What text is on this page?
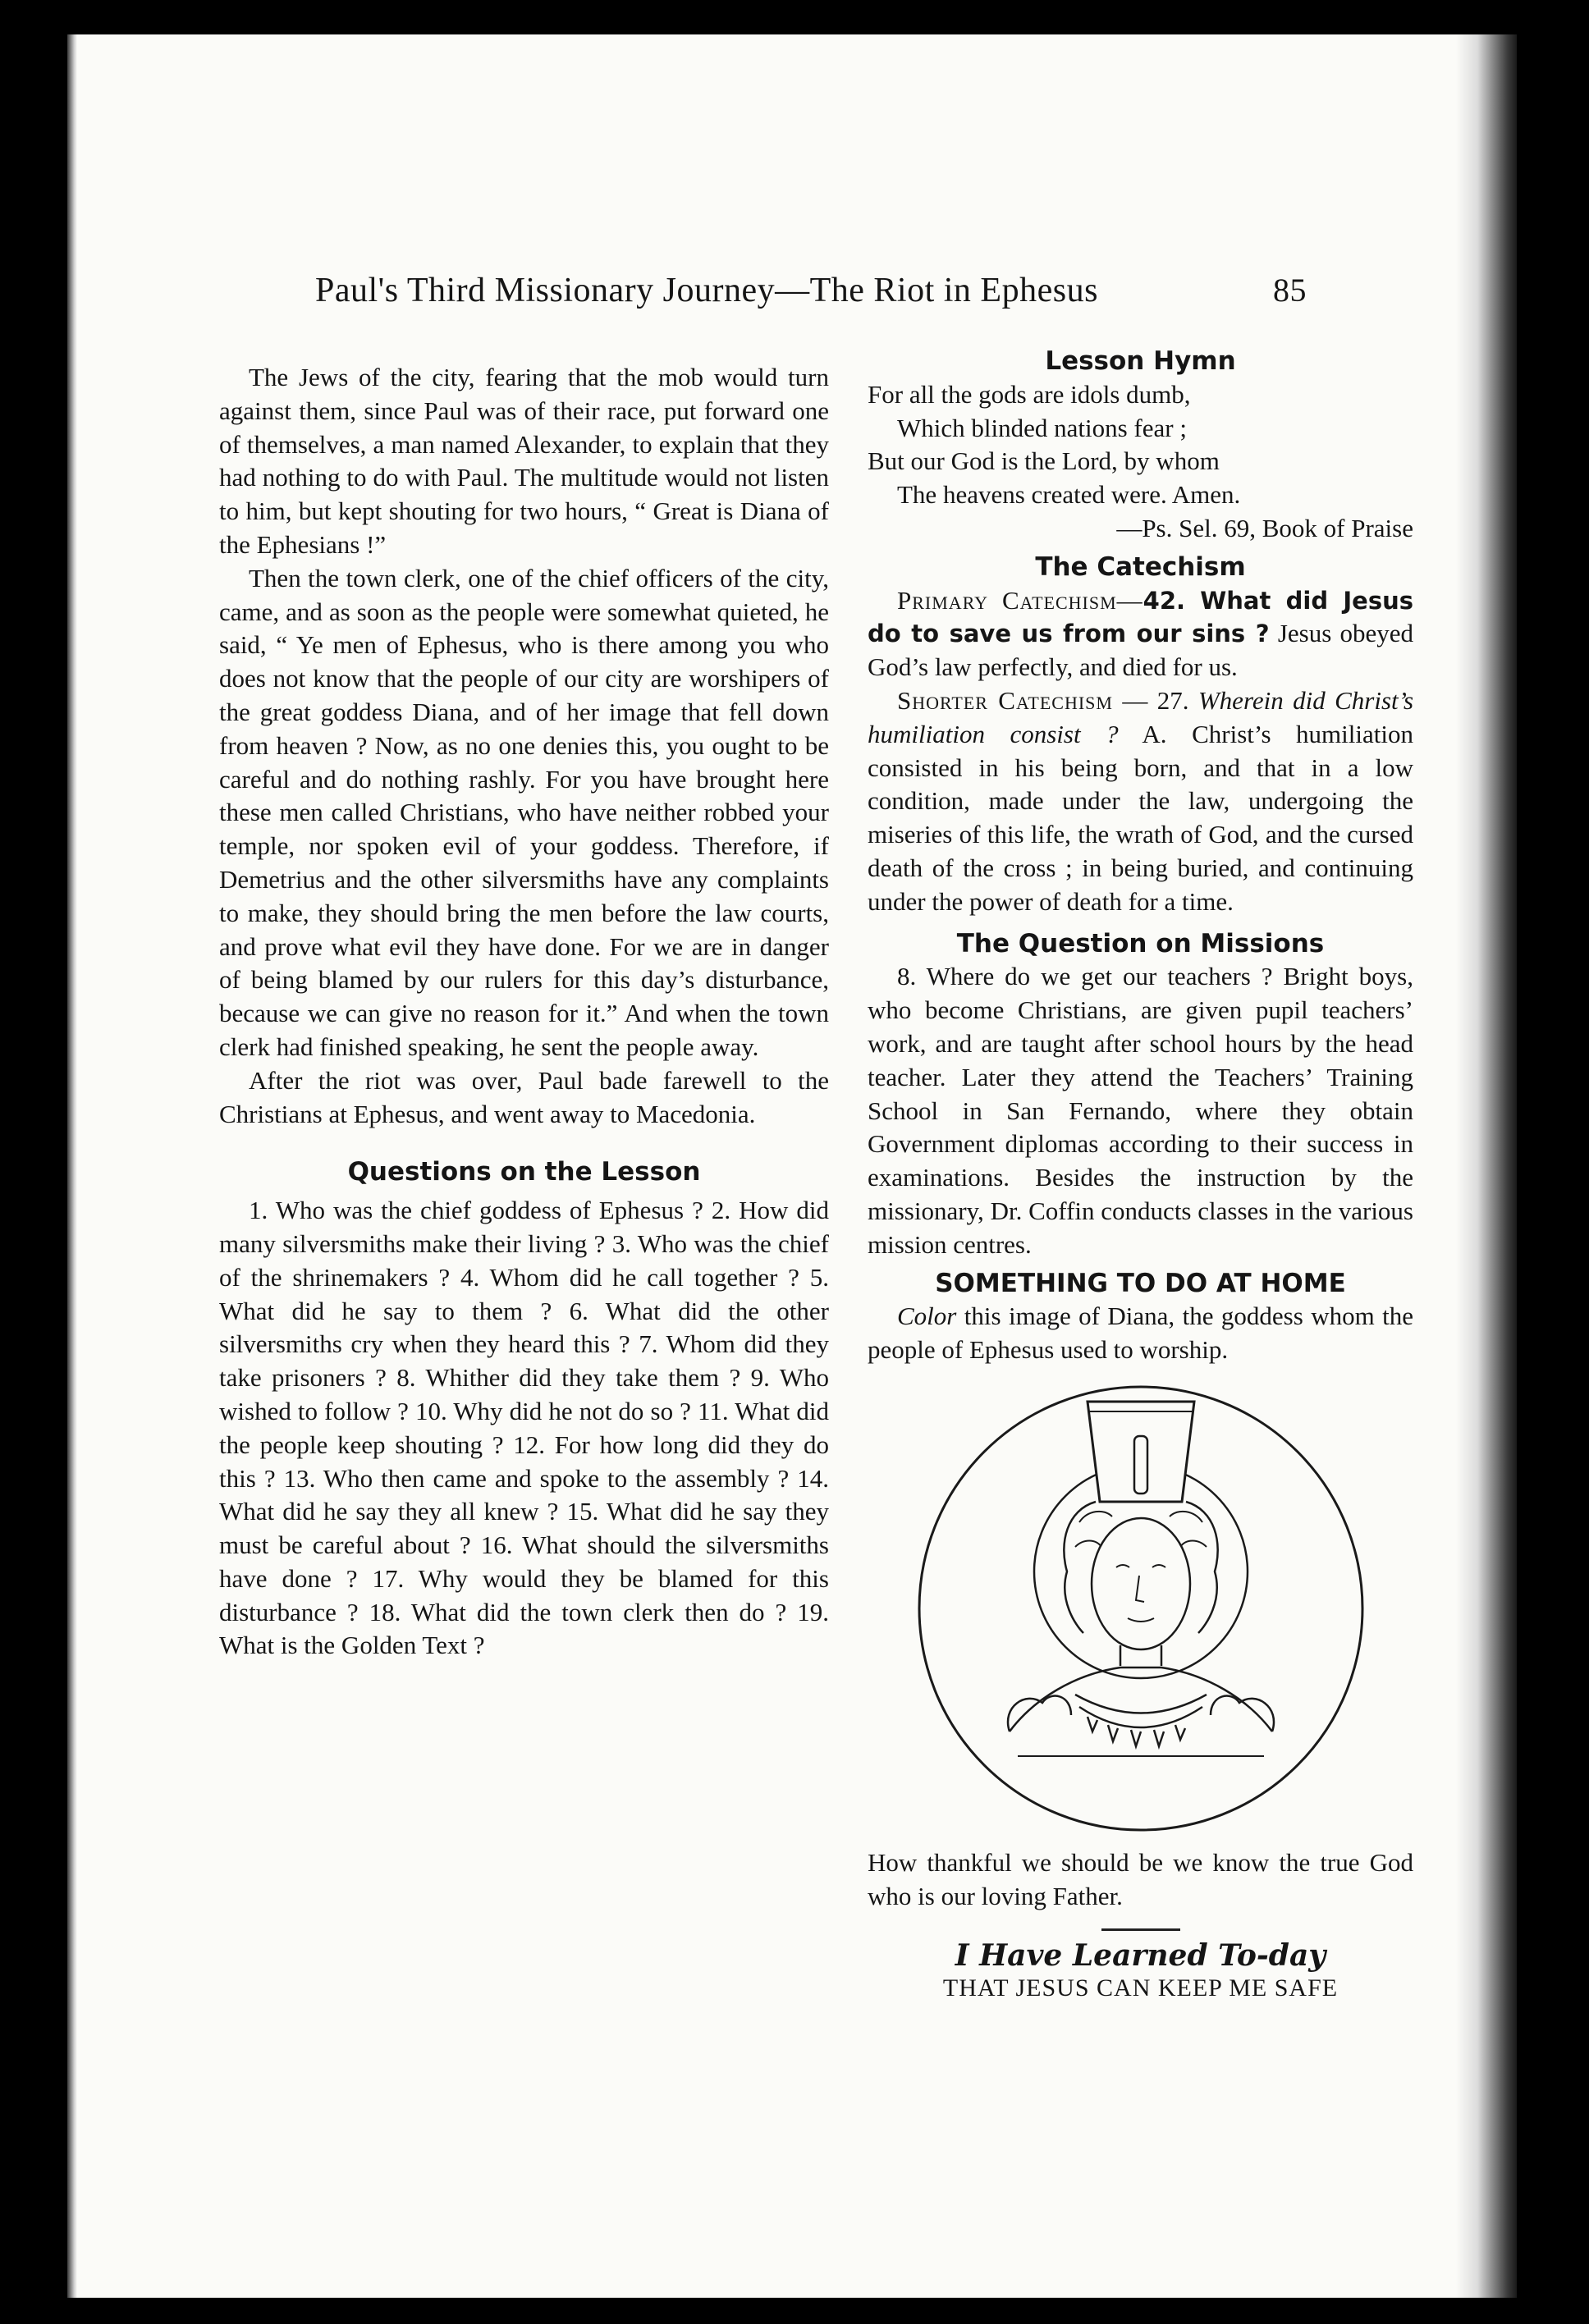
Paul's Third Missionary Journey—The Riot in Ephesus	85

The Jews of the city, fearing that the mob would turn against them, since Paul was of their race, put forward one of themselves, a man named Alexander, to explain that they had nothing to do with Paul. The multitude would not listen to him, but kept shouting for two hours, “ Great is Diana of the Ephesians !”

Then the town clerk, one of the chief officers of the city, came, and as soon as the people were somewhat quieted, he said, “ Ye men of Ephesus, who is there among you who does not know that the people of our city are worshipers of the great goddess Diana, and of her image that fell down from heaven ? Now, as no one denies this, you ought to be careful and do nothing rashly. For you have brought here these men called Christians, who have neither robbed your temple, nor spoken evil of your goddess. Therefore, if Demetrius and the other silversmiths have any complaints to make, they should bring the men before the law courts, and prove what evil they have done. For we are in danger of being blamed by our rulers for this day’s disturbance, because we can give no reason for it.” And when the town clerk had finished speaking, he sent the people away.

After the riot was over, Paul bade farewell to the Christians at Ephesus, and went away to Macedonia.

Questions on the Lesson

1. Who was the chief goddess of Ephesus ? 2. How did many silversmiths make their living ? 3. Who was the chief of the shrinemakers ? 4. Whom did he call together ? 5. What did he say to them ? 6. What did the other silversmiths cry when they heard this ? 7. Whom did they take prisoners ? 8. Whither did they take them ? 9. Who wished to follow ? 10. Why did he not do so ? 11. What did the people keep shouting ? 12. For how long did they do this ? 13. Who then came and spoke to the assembly ? 14. What did he say they all knew ? 15. What did he say they must be careful about ? 16. What should the silversmiths have done ? 17. Why would they be blamed for this disturbance ? 18. What did the town clerk then do ? 19. What is the Golden Text ?

Lesson Hymn
For all the gods are idols dumb,
Which blinded nations fear ;
But our God is the Lord, by whom
The heavens created were. Amen.
—Ps. Sel. 69, Book of Praise
The Catechism

Primary Catechism—42. What did Jesus do to save us from our sins ? Jesus obeyed God’s law perfectly, and died for us.

Shorter Catechism — 27. Wherein did Christ’s humiliation consist ? A. Christ’s humiliation consisted in his being born, and that in a low condition, made under the law, undergoing the miseries of this life, the wrath of God, and the cursed death of the cross ; in being buried, and continuing under the power of death for a time.

The Question on Missions

8. Where do we get our teachers ? Bright boys, who become Christians, are given pupil teachers’ work, and are taught after school hours by the head teacher. Later they attend the Teachers’ Training School in San Fernando, where they obtain Government diplomas according to their success in examinations. Besides the instruction by the missionary, Dr. Coffin conducts classes in the various mission centres.

SOMETHING TO DO AT HOME

Color this image of Diana, the goddess whom the people of Ephesus used to worship.

How thankful we should be we know the true God who is our loving Father.

I Have Learned To-day
THAT JESUS CAN KEEP ME SAFE
